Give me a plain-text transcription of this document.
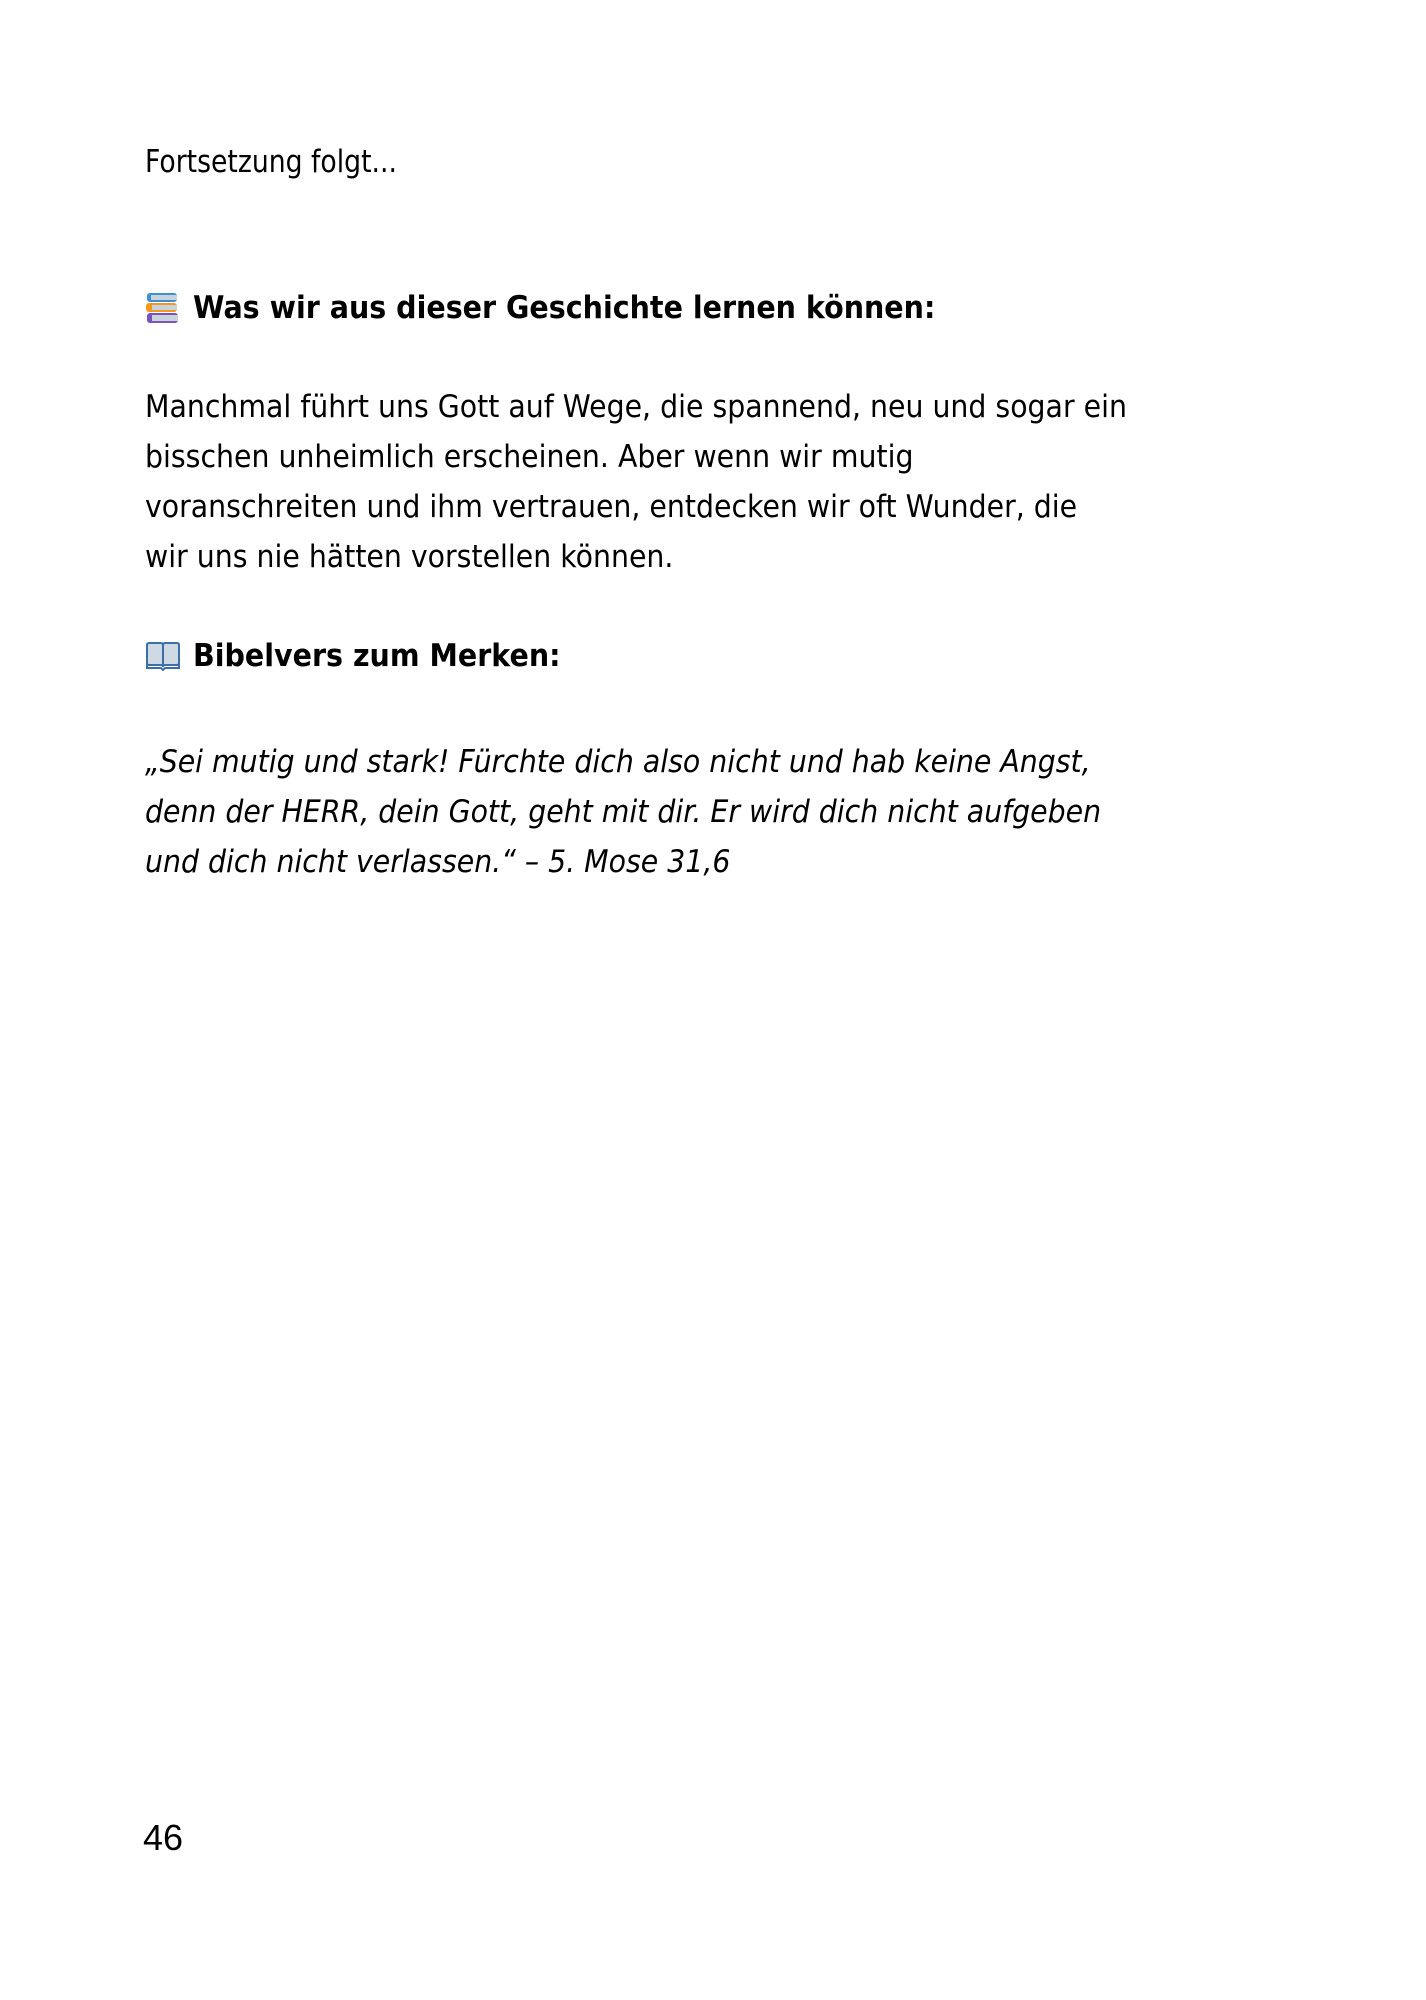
Fortsetzung folgt...
Was wir aus dieser Geschichte lernen können:
Manchmal führt uns Gott auf Wege, die spannend, neu und sogar ein
bisschen unheimlich erscheinen. Aber wenn wir mutig
voranschreiten und ihm vertrauen, entdecken wir oft Wunder, die
wir uns nie hätten vorstellen können.
Bibelvers zum Merken:
„Sei mutig und stark! Fürchte dich also nicht und hab keine Angst,
denn der HERR, dein Gott, geht mit dir. Er wird dich nicht aufgeben
und dich nicht verlassen.“ – 5. Mose 31,6
46
